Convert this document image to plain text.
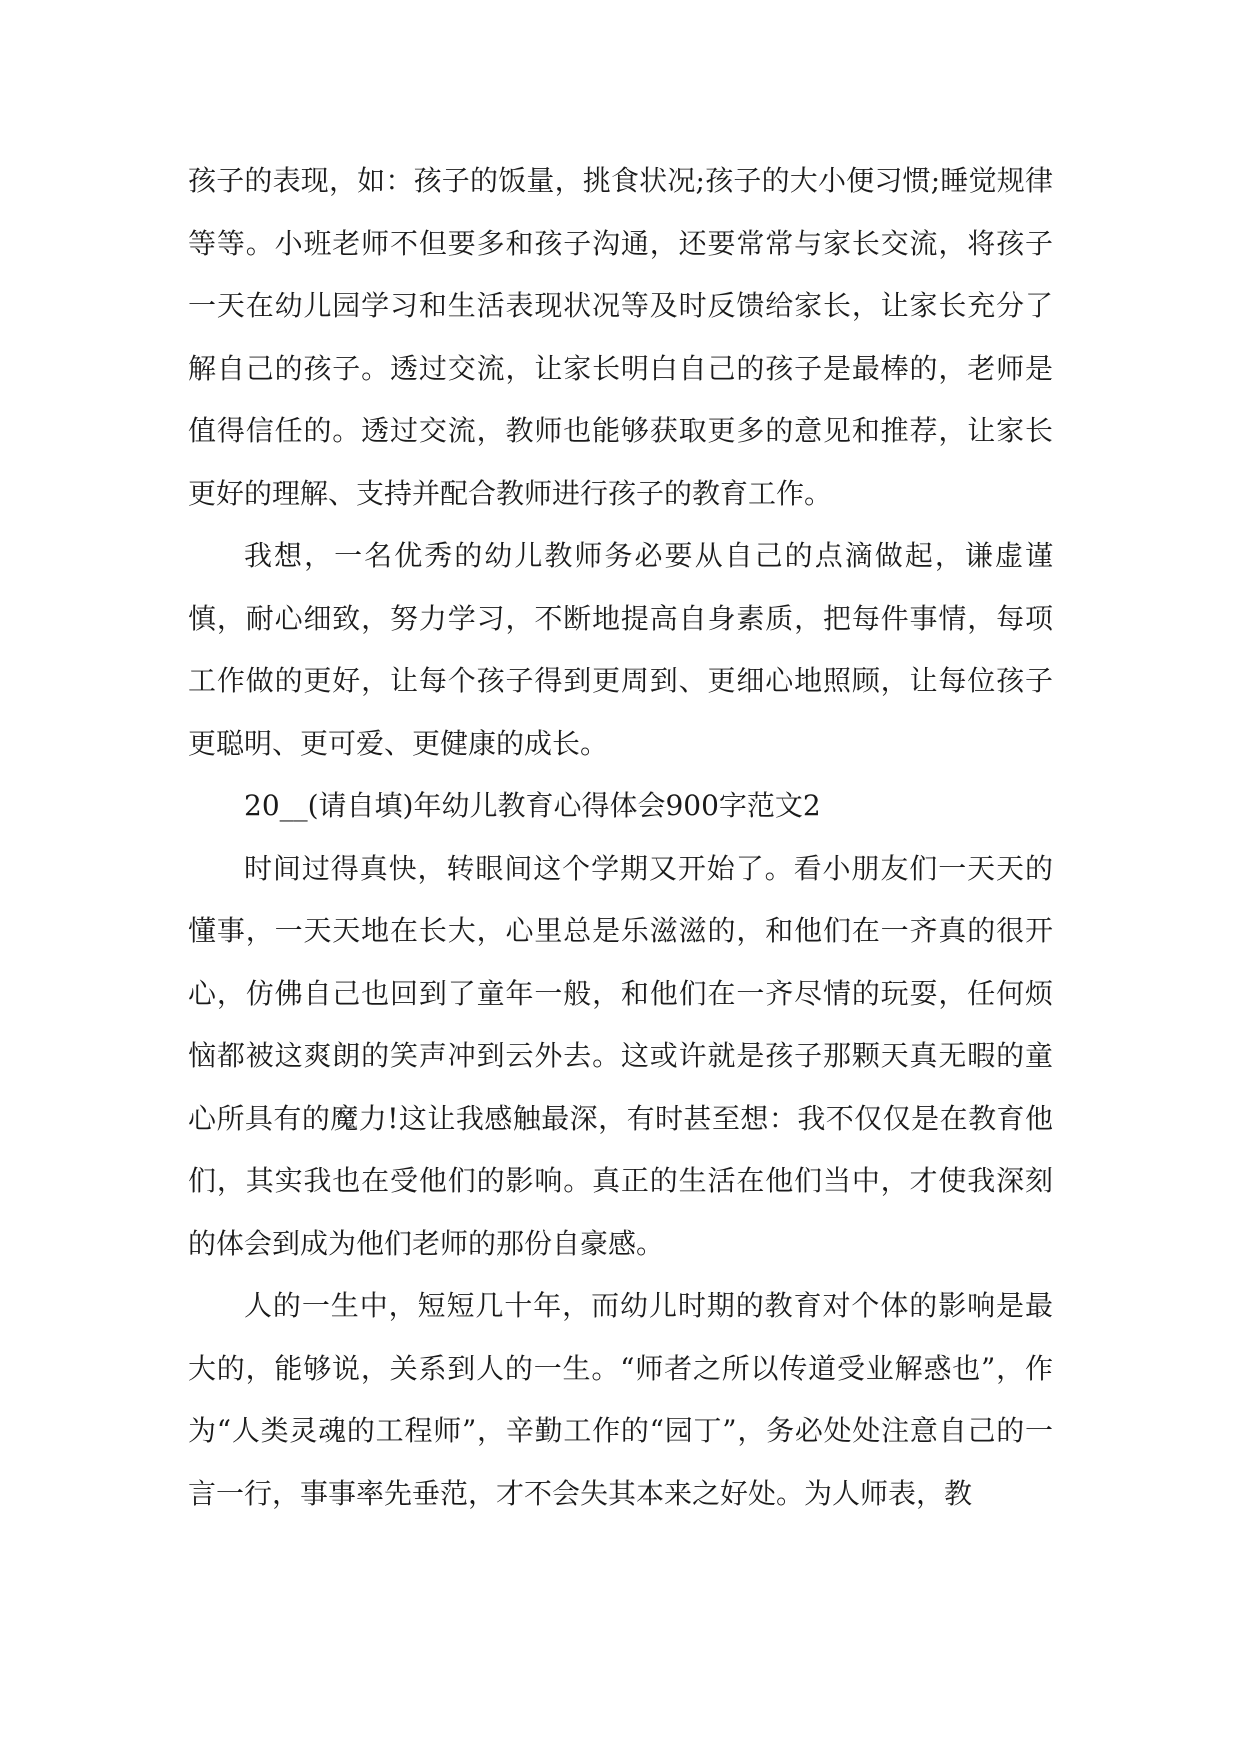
孩子的表现，如：孩子的饭量，挑食状况;孩子的大小便习惯;睡觉规律等等。小班老师不但要多和孩子沟通，还要常常与家长交流，将孩子一天在幼儿园学习和生活表现状况等及时反馈给家长，让家长充分了解自己的孩子。透过交流，让家长明白自己的孩子是最棒的，老师是值得信任的。透过交流，教师也能够获取更多的意见和推荐，让家长更好的理解、支持并配合教师进行孩子的教育工作。

我想，一名优秀的幼儿教师务必要从自己的点滴做起，谦虚谨慎，耐心细致，努力学习，不断地提高自身素质，把每件事情，每项工作做的更好，让每个孩子得到更周到、更细心地照顾，让每位孩子更聪明、更可爱、更健康的成长。

20__(请自填)年幼儿教育心得体会900字范文2

时间过得真快，转眼间这个学期又开始了。看小朋友们一天天的懂事，一天天地在长大，心里总是乐滋滋的，和他们在一齐真的很开心，仿佛自己也回到了童年一般，和他们在一齐尽情的玩耍，任何烦恼都被这爽朗的笑声冲到云外去。这或许就是孩子那颗天真无暇的童心所具有的魔力!这让我感触最深，有时甚至想：我不仅仅是在教育他们，其实我也在受他们的影响。真正的生活在他们当中，才使我深刻的体会到成为他们老师的那份自豪感。

人的一生中，短短几十年，而幼儿时期的教育对个体的影响是最大的，能够说，关系到人的一生。“师者之所以传道受业解惑也”，作为“人类灵魂的工程师”，辛勤工作的“园丁”，务必处处注意自己的一言一行，事事率先垂范，才不会失其本来之好处。为人师表，教
